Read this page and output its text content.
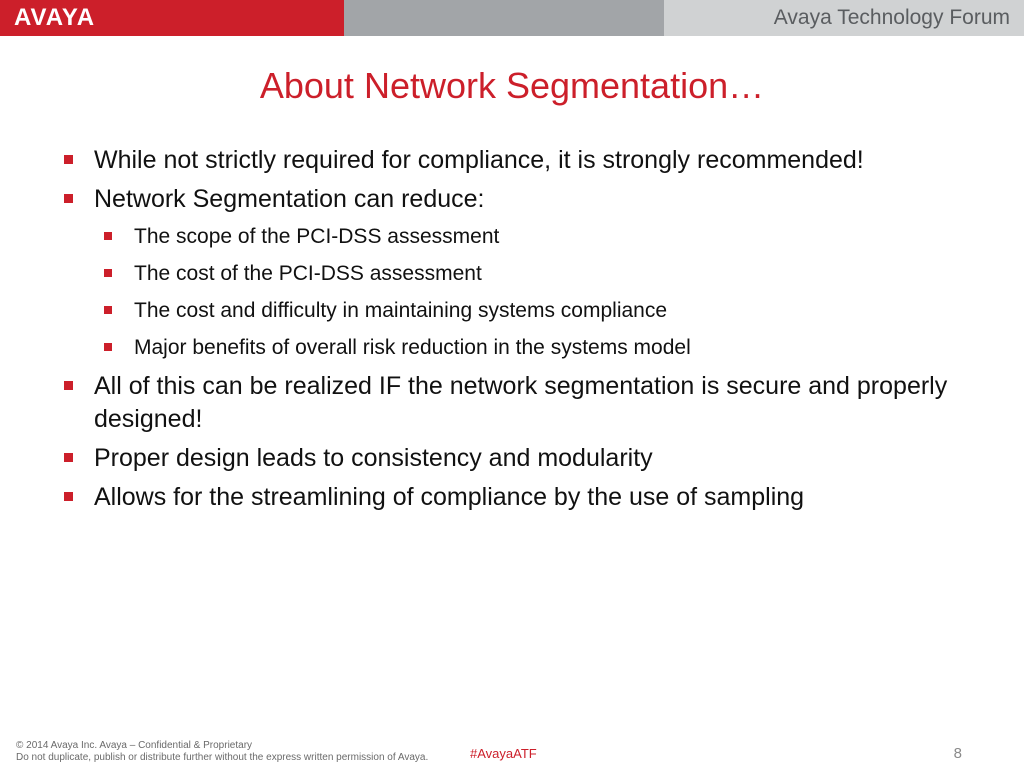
AVAYA	Avaya Technology Forum
About Network Segmentation…
While not strictly required for compliance, it is strongly recommended!
Network Segmentation can reduce:
The scope of the PCI-DSS assessment
The cost of the PCI-DSS assessment
The cost and difficulty in maintaining systems compliance
Major benefits of overall risk reduction in the systems model
All of this can be realized IF the network segmentation is secure and properly designed!
Proper design leads to consistency and modularity
Allows for the streamlining of compliance by the use of sampling
© 2014 Avaya Inc. Avaya – Confidential & Proprietary
Do not duplicate, publish or distribute further without the express written permission of Avaya.	#AvayaATF	8
